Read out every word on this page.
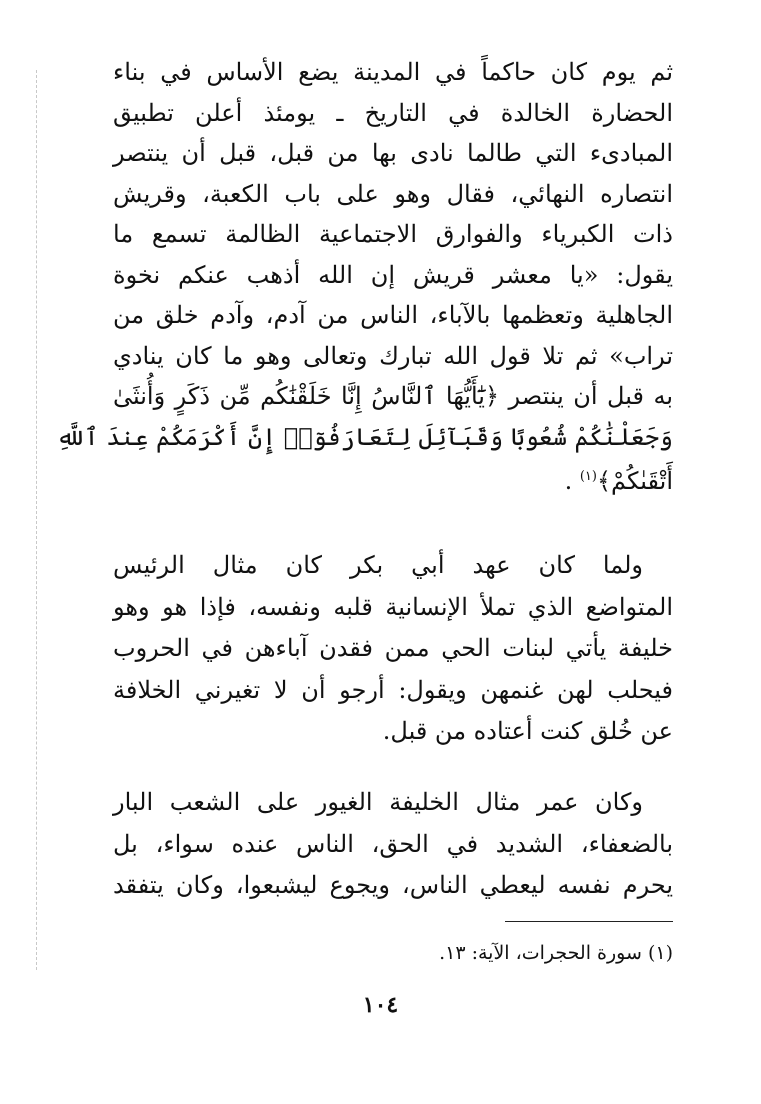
ثم يوم كان حاكماً في المدينة يضع الأساس في بناء
الحضارة الخالدة في التاريخ ـ يومئذ أعلن تطبيق
المبادىء التي طالما نادى بها من قبل، قبل أن ينتصر
انتصاره النهائي، فقال وهو على باب الكعبة، وقريش
ذات الكبرياء والفوارق الاجتماعية الظالمة تسمع ما
يقول: «يا معشر قريش إن الله أذهب عنكم نخوة
الجاهلية وتعظمها بالآباء، الناس من آدم، وآدم خلق من
تراب» ثم تلا قول الله تبارك وتعالى وهو ما كان ينادي
به قبل أن ينتصر ﴿يَٰٓأَيُّهَا ٱلنَّاسُ إِنَّا خَلَقْنَٰكُم مِّن ذَكَرٍ وَأُنثَىٰ
وَجَعَلْنَٰكُمْ شُعُوبًا وَقَبَآئِلَ لِتَعَارَفُوٓا۟ إِنَّ أَكْرَمَكُمْ عِندَ ٱللَّهِ
أَتْقَىٰكُمْ﴾$^{(١)}$ .
ولما كان عهد أبي بكر كان مثال الرئيس
المتواضع الذي تملأ الإنسانية قلبه ونفسه، فإذا هو وهو
خليفة يأتي لبنات الحي ممن فقدن آباءهن في الحروب
فيحلب لهن غنمهن ويقول: أرجو أن لا تغيرني الخلافة
عن خُلق كنت أعتاده من قبل.
وكان عمر مثال الخليفة الغيور على الشعب البار
بالضعفاء، الشديد في الحق، الناس عنده سواء، بل
يحرم نفسه ليعطي الناس، ويجوع ليشبعوا، وكان يتفقد
(١) سورة الحجرات، الآية: ١٣.
١٠٤
